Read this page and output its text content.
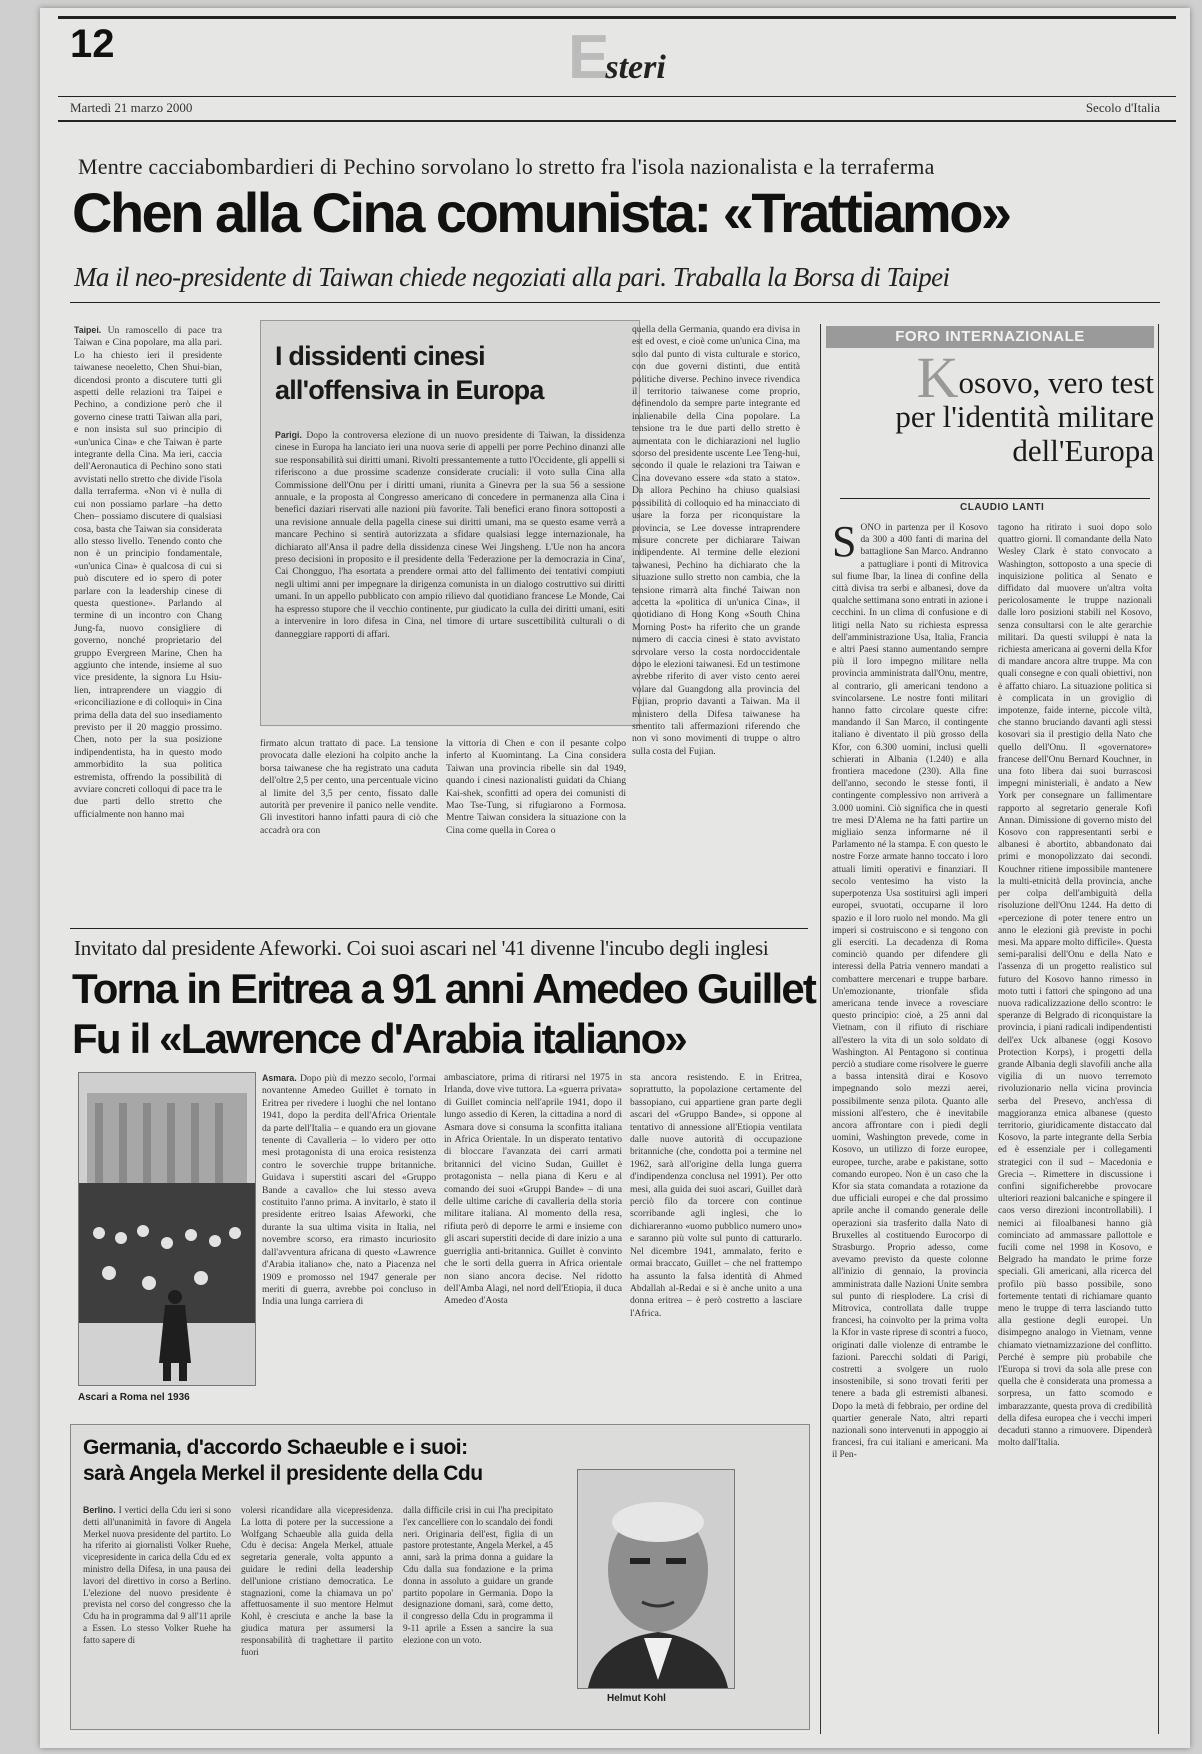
12	Esteri
Martedì 21 marzo 2000	Secolo d'Italia
Mentre cacciabombardieri di Pechino sorvolano lo stretto fra l'isola nazionalista e la terraferma
Chen alla Cina comunista: «Trattiamo»
Ma il neo-presidente di Taiwan chiede negoziati alla pari. Traballa la Borsa di Taipei

Taipei. Un ramoscello di pace tra Taiwan e Cina popolare, ma alla pari. Lo ha chiesto ieri il presidente taiwanese neoeletto, Chen Shui-bian, dicendosi pronto a discutere tutti gli aspetti delle relazioni tra Taipei e Pechino, a condizione però che il governo cinese tratti Taiwan alla pari, e non insista sul suo principio di «un'unica Cina» e che Taiwan è parte integrante della Cina. Ma ieri, caccia dell'Aeronautica di Pechino sono stati avvistati nello stretto che divide l'isola dalla terraferma. «Non vi è nulla di cui non possiamo parlare –ha detto Chen– possiamo discutere di qualsiasi cosa, basta che Taiwan sia considerata allo stesso livello. Tenendo conto che non è un principio fondamentale, «un'unica Cina» è qualcosa di cui si può discutere ed io spero di poter parlare con la leadership cinese di questa questione». Parlando al termine di un incontro con Chang Jung-fa, nuovo consigliere di governo, nonché proprietario del gruppo Evergreen Marine, Chen ha aggiunto che intende, insieme al suo vice presidente, la signora Lu Hsiu-lien, intraprendere un viaggio di «riconciliazione e di colloqui» in Cina prima della data del suo insediamento previsto per il 20 maggio prossimo. Chen, noto per la sua posizione indipendentista, ha in questo modo ammorbidito la sua politica estremista, offrendo la possibilità di avviare concreti colloqui di pace tra le due parti dello stretto che ufficialmente non hanno mai

I dissidenti cinesi
all'offensiva in Europa

Parigi. Dopo la controversa elezione di un nuovo presidente di Taiwan, la dissidenza cinese in Europa ha lanciato ieri una nuova serie di appelli per porre Pechino dinanzi alle sue responsabilità sui diritti umani. Rivolti pressantemente a tutto l'Occidente, gli appelli si riferiscono a due prossime scadenze considerate cruciali: il voto sulla Cina alla Commissione dell'Onu per i diritti umani, riunita a Ginevra per la sua 56 a sessione annuale, e la proposta al Congresso americano di concedere in permanenza alla Cina i benefici daziari riservati alle nazioni più favorite. Tali benefici erano finora sottoposti a una revisione annuale della pagella cinese sui diritti umani, ma se questo esame verrà a mancare Pechino si sentirà autorizzata a sfidare qualsiasi legge internazionale, ha dichiarato all'Ansa il padre della dissidenza cinese Wei Jingsheng. L'Ue non ha ancora preso decisioni in proposito e il presidente della 'Federazione per la democrazia in Cina', Cai Chongguo, l'ha esortata a prendere ormai atto del fallimento dei tentativi compiuti negli ultimi anni per impegnare la dirigenza comunista in un dialogo costruttivo sui diritti umani. In un appello pubblicato con ampio rilievo dal quotidiano francese Le Monde, Cai ha espresso stupore che il vecchio continente, pur giudicato la culla dei diritti umani, esiti a intervenire in loro difesa in Cina, nel timore di urtare suscettibilità culturali o di danneggiare rapporti di affari.

firmato alcun trattato di pace. La tensione provocata dalle elezioni ha colpito anche la borsa taiwanese che ha registrato una caduta dell'oltre 2,5 per cento, una percentuale vicino al limite del 3,5 per cento, fissato dalle autorità per prevenire il panico nelle vendite. Gli investitori hanno infatti paura di ciò che accadrà ora con

la vittoria di Chen e con il pesante colpo inferto al Kuomintang. La Cina considera Taiwan una provincia ribelle sin dal 1949, quando i cinesi nazionalisti guidati da Chiang Kai-shek, sconfitti ad opera dei comunisti di Mao Tse-Tung, si rifugiarono a Formosa. Mentre Taiwan considera la situazione con la Cina come quella in Corea o

quella della Germania, quando era divisa in est ed ovest, e cioè come un'unica Cina, ma solo dal punto di vista culturale e storico, con due governi distinti, due entità politiche diverse. Pechino invece rivendica il territorio taiwanese come proprio, definendolo da sempre parte integrante ed inalienabile della Cina popolare. La tensione tra le due parti dello stretto è aumentata con le dichiarazioni nel luglio scorso del presidente uscente Lee Teng-hui, secondo il quale le relazioni tra Taiwan e Cina dovevano essere «da stato a stato». Da allora Pechino ha chiuso qualsiasi possibilità di colloquio ed ha minacciato di usare la forza per riconquistare la provincia, se Lee dovesse intraprendere misure concrete per dichiarare Taiwan indipendente. Al termine delle elezioni taiwanesi, Pechino ha dichiarato che la situazione sullo stretto non cambia, che la tensione rimarrà alta finché Taiwan non accetta la «politica di un'unica Cina», il quotidiano di Hong Kong «South China Morning Post» ha riferito che un grande numero di caccia cinesi è stato avvistato sorvolare verso la costa nordoccidentale dopo le elezioni taiwanesi. Ed un testimone avrebbe riferito di aver visto cento aerei volare dal Guangdong alla provincia del Fujian, proprio davanti a Taiwan. Ma il ministero della Difesa taiwanese ha smentito tali affermazioni riferendo che non vi sono movimenti di truppe o altro sulla costa del Fujian.

Invitato dal presidente Afeworki. Coi suoi ascari nel '41 divenne l'incubo degli inglesi
Torna in Eritrea a 91 anni Amedeo Guillet
Fu il «Lawrence d'Arabia italiano»
Ascari a Roma nel 1936

Asmara. Dopo più di mezzo secolo, l'ormai novantenne Amedeo Guillet è tornato in Eritrea per rivedere i luoghi che nel lontano 1941, dopo la perdita dell'Africa Orientale da parte dell'Italia – e quando era un giovane tenente di Cavalleria – lo videro per otto mesi protagonista di una eroica resistenza contro le soverchie truppe britanniche. Guidava i superstiti ascari del «Gruppo Bande a cavallo» che lui stesso aveva costituito l'anno prima. A invitarlo, è stato il presidente eritreo Isaias Afeworki, che durante la sua ultima visita in Italia, nel novembre scorso, era rimasto incuriosito dall'avventura africana di questo «Lawrence d'Arabia italiano» che, nato a Piacenza nel 1909 e promosso nel 1947 generale per meriti di guerra, avrebbe poi concluso in India una lunga carriera di

ambasciatore, prima di ritirarsi nel 1975 in Irlanda, dove vive tuttora. La «guerra privata» di Guillet comincia nell'aprile 1941, dopo il lungo assedio di Keren, la cittadina a nord di Asmara dove si consuma la sconfitta italiana in Africa Orientale. In un disperato tentativo di bloccare l'avanzata dei carri armati britannici del vicino Sudan, Guillet è protagonista – nella piana di Keru e al comando dei suoi «Gruppi Bande» – di una delle ultime cariche di cavalleria della storia militare italiana. Al momento della resa, rifiuta però di deporre le armi e insieme con gli ascari superstiti decide di dare inizio a una guerriglia anti-britannica. Guillet è convinto che le sorti della guerra in Africa orientale non siano ancora decise. Nel ridotto dell'Amba Alagi, nel nord dell'Etiopia, il duca Amedeo d'Aosta

sta ancora resistendo. E in Eritrea, soprattutto, la popolazione certamente del bassopiano, cui appartiene gran parte degli ascari del «Gruppo Bande», si oppone al tentativo di annessione all'Etiopia ventilata dalle nuove autorità di occupazione britanniche (che, condotta poi a termine nel 1962, sarà all'origine della lunga guerra d'indipendenza conclusa nel 1991). Per otto mesi, alla guida dei suoi ascari, Guillet darà perciò filo da torcere con continue scorribande agli inglesi, che lo dichiareranno «uomo pubblico numero uno» e saranno più volte sul punto di catturarlo. Nel dicembre 1941, ammalato, ferito e ormai braccato, Guillet – che nel frattempo ha assunto la falsa identità di Ahmed Abdallah al-Redai e si è anche unito a una donna eritrea – è però costretto a lasciare l'Africa.

Germania, d'accordo Schaeuble e i suoi:
sarà Angela Merkel il presidente della Cdu

Berlino. I vertici della Cdu ieri si sono detti all'unanimità in favore di Angela Merkel nuova presidente del partito. Lo ha riferito ai giornalisti Volker Ruehe, vicepresidente in carica della Cdu ed ex ministro della Difesa, in una pausa dei lavori del direttivo in corso a Berlino. L'elezione del nuovo presidente è prevista nel corso del congresso che la Cdu ha in programma dal 9 all'11 aprile a Essen. Lo stesso Volker Ruehe ha fatto sapere di

volersi ricandidare alla vicepresidenza. La lotta di potere per la successione a Wolfgang Schaeuble alla guida della Cdu è decisa: Angela Merkel, attuale segretaria generale, volta appunto a guidare le redini della leadership dell'unione cristiano democratica. Le stagnazioni, come la chiamava un po' affettuosamente il suo mentore Helmut Kohl, è cresciuta e anche la base la giudica matura per assumersi la responsabilità di traghettare il partito fuori

dalla difficile crisi in cui l'ha precipitato l'ex cancelliere con lo scandalo dei fondi neri. Originaria dell'est, figlia di un pastore protestante, Angela Merkel, a 45 anni, sarà la prima donna a guidare la Cdu dalla sua fondazione e la prima donna in assoluto a guidare un grande partito popolare in Germania. Dopo la designazione domani, sarà, come detto, il congresso della Cdu in programma il 9-11 aprile a Essen a sancire la sua elezione con un voto.

Helmut Kohl
FORO INTERNAZIONALE
Kosovo, vero test
per l'identità militare
dell'Europa
CLAUDIO LANTI

SONO in partenza per il Kosovo da 300 a 400 fanti di marina del battaglione San Marco. Andranno a pattugliare i ponti di Mitrovica sul fiume Ibar, la linea di confine della città divisa tra serbi e albanesi, dove da qualche settimana sono entrati in azione i cecchini. In un clima di confusione e di litigi nella Nato su richiesta espressa dell'amministrazione Usa, Italia, Francia e altri Paesi stanno aumentando sempre più il loro impegno militare nella provincia amministrata dall'Onu, mentre, al contrario, gli americani tendono a svincolarsene. Le nostre fonti militari hanno fatto circolare queste cifre: mandando il San Marco, il contingente italiano è diventato il più grosso della Kfor, con 6.300 uomini, inclusi quelli schierati in Albania (1.240) e alla frontiera macedone (230). Alla fine dell'anno, secondo le stesse fonti, il contingente complessivo non arriverà a 3.000 uomini. Ciò significa che in questi tre mesi D'Alema ne ha fatti partire un migliaio senza informarne né il Parlamento né la stampa. E con questo le nostre Forze armate hanno toccato i loro attuali limiti operativi e finanziari. Il secolo ventesimo ha visto la superpotenza Usa sostituirsi agli imperi europei, svuotati, occuparne il loro spazio e il loro ruolo nel mondo. Ma gli imperi si costruiscono e si tengono con gli eserciti. La decadenza di Roma cominciò quando per difendere gli interessi della Patria vennero mandati a combattere mercenari e truppe barbare. Un'emozionante, trionfale sfida americana tende invece a rovesciare questo principio: cioè, a 25 anni dal Vietnam, con il rifiuto di rischiare all'estero la vita di un solo soldato di Washington. Al Pentagono si continua perciò a studiare come risolvere le guerre a bassa intensità dirai e Kosovo impegnando solo mezzi aerei, possibilmente senza pilota. Quanto alle missioni all'estero, che è inevitabile ancora affrontare con i piedi degli uomini, Washington prevede, come in Kosovo, un utilizzo di forze europee, europee, turche, arabe e pakistane, sotto comando europeo. Non è un caso che la Kfor sia stata comandata a rotazione da due ufficiali europei e che dal prossimo aprile anche il comando generale delle operazioni sia trasferito dalla Nato di Bruxelles al costituendo Eurocorpo di Strasburgo. Proprio adesso, come avevamo previsto da queste colonne all'inizio di gennaio, la provincia amministrata dalle Nazioni Unite sembra sul punto di riesplodere. La crisi di Mitrovica, controllata dalle truppe francesi, ha coinvolto per la prima volta la Kfor in vaste riprese di scontri a fuoco, originati dalle violenze di entrambe le fazioni. Parecchi soldati di Parigi, costretti a svolgere un ruolo insostenibile, si sono trovati feriti per tenere a bada gli estremisti albanesi. Dopo la metà di febbraio, per ordine del quartier generale Nato, altri reparti nazionali sono intervenuti in appoggio ai francesi, fra cui italiani e americani. Ma il Pen-

tagono ha ritirato i suoi dopo solo quattro giorni. Il comandante della Nato Wesley Clark è stato convocato a Washington, sottoposto a una specie di inquisizione politica al Senato e diffidato dal muovere un'altra volta pericolosamente le truppe nazionali dalle loro posizioni stabili nel Kosovo, senza consultarsi con le alte gerarchie militari. Da questi sviluppi è nata la richiesta americana ai governi della Kfor di mandare ancora altre truppe. Ma con quali consegne e con quali obiettivi, non è affatto chiaro. La situazione politica si è complicata in un groviglio di impotenze, faide interne, piccole viltà, che stanno bruciando davanti agli stessi kosovari sia il prestigio della Nato che quello dell'Onu. Il «governatore» francese dell'Onu Bernard Kouchner, in una foto libera dai suoi burrascosi impegni ministeriali, è andato a New York per consegnare un fallimentare rapporto al segretario generale Kofi Annan. Dimissione di governo misto del Kosovo con rappresentanti serbi e albanesi è abortito, abbandonato dai primi e monopolizzato dai secondi. Kouchner ritiene impossibile mantenere la multi-etnicità della provincia, anche per colpa dell'ambiguità della risoluzione dell'Onu 1244. Ha detto di «percezione di poter tenere entro un anno le elezioni già previste in pochi mesi. Ma appare molto difficile». Questa semi-paralisi dell'Onu e della Nato e l'assenza di un progetto realistico sul futuro del Kosovo hanno rimesso in moto tutti i fattori che spingono ad una nuova radicalizzazione dello scontro: le speranze di Belgrado di riconquistare la provincia, i piani radicali indipendentisti dell'ex Uck albanese (oggi Kosovo Protection Korps), i progetti della grande Albania degli slavofili anche alla vigilia di un nuovo terremoto rivoluzionario nella vicina provincia serba del Presevo, anch'essa di maggioranza etnica albanese (questo territorio, giuridicamente distaccato dal Kosovo, la parte integrante della Serbia ed è essenziale per i collegamenti strategici con il sud – Macedonia e Grecia –. Rimettere in discussione i confini significherebbe provocare ulteriori reazioni balcaniche e spingere il caos verso direzioni incontrollabili). I nemici ai filoalbanesi hanno già cominciato ad ammassare pallottole e fucili come nel 1998 in Kosovo, e Belgrado ha mandato le prime forze speciali. Gli americani, alla ricerca del profilo più basso possibile, sono fortemente tentati di richiamare quanto meno le truppe di terra lasciando tutto alla gestione degli europei. Un disimpegno analogo in Vietnam, venne chiamato vietnamizzazione del conflitto. Perché è sempre più probabile che l'Europa si trovi da sola alle prese con quella che è considerata una promessa a sorpresa, un fatto scomodo e imbarazzante, questa prova di credibilità della difesa europea che i vecchi imperi decaduti stanno a rimuovere. Dipenderà molto dall'Italia.
